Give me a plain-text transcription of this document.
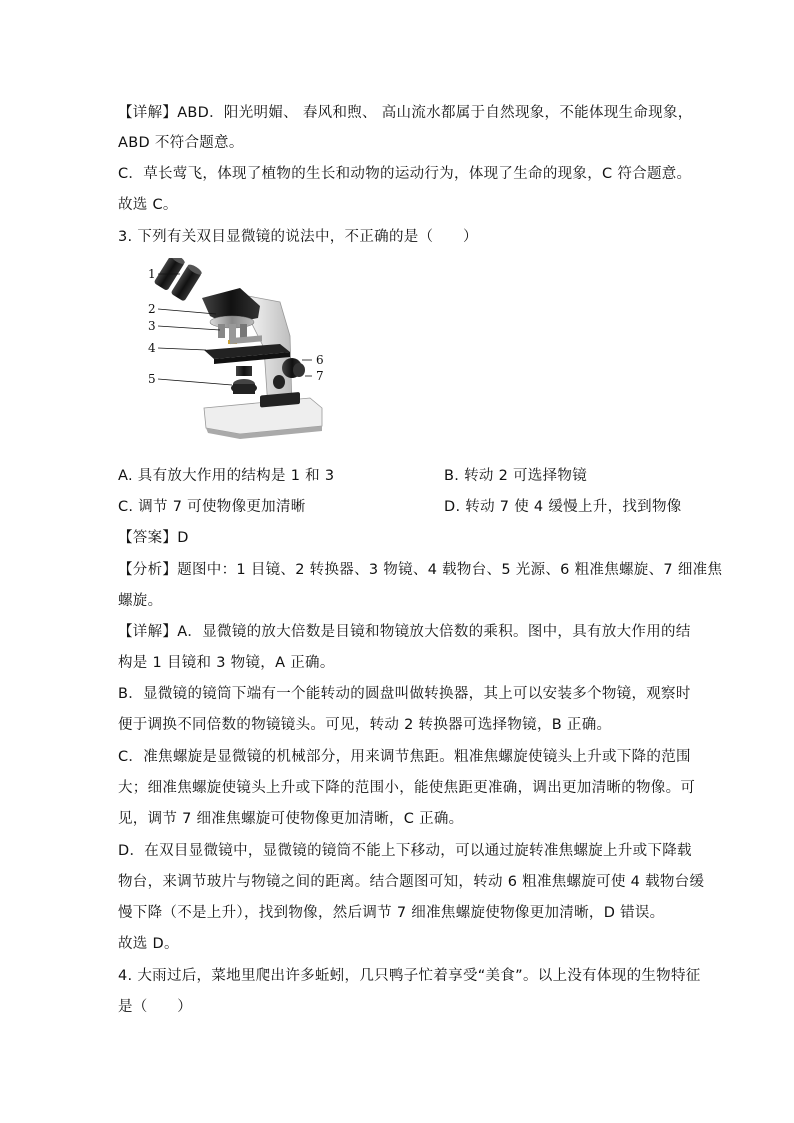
【详解】ABD．阳光明媚、 春风和煦、 高山流水都属于自然现象，不能体现生命现象，
ABD 不符合题意。
C．草长莺飞，体现了植物的生长和动物的运动行为，体现了生命的现象，C 符合题意。
故选 C。
3. 下列有关双目显微镜的说法中，不正确的是（　　）
1
2
3
4
5
6
7
A. 具有放大作用的结构是 1 和 3	B. 转动 2 可选择物镜
C. 调节 7 可使物像更加清晰	D. 转动 7 使 4 缓慢上升，找到物像
【答案】D
【分析】题图中：1 目镜、2 转换器、3 物镜、4 载物台、5 光源、6 粗准焦螺旋、7 细准焦
螺旋。
【详解】A．显微镜的放大倍数是目镜和物镜放大倍数的乘积。图中，具有放大作用的结
构是 1 目镜和 3 物镜，A 正确。
B．显微镜的镜筒下端有一个能转动的圆盘叫做转换器，其上可以安装多个物镜，观察时
便于调换不同倍数的物镜镜头。可见，转动 2 转换器可选择物镜，B 正确。
C．准焦螺旋是显微镜的机械部分，用来调节焦距。粗准焦螺旋使镜头上升或下降的范围
大；细准焦螺旋使镜头上升或下降的范围小，能使焦距更准确，调出更加清晰的物像。可
见，调节 7 细准焦螺旋可使物像更加清晰，C 正确。
D．在双目显微镜中，显微镜的镜筒不能上下移动，可以通过旋转准焦螺旋上升或下降载
物台，来调节玻片与物镜之间的距离。结合题图可知，转动 6 粗准焦螺旋可使 4 载物台缓
慢下降（不是上升），找到物像，然后调节 7 细准焦螺旋使物像更加清晰，D 错误。
故选 D。
4. 大雨过后，菜地里爬出许多蚯蚓，几只鸭子忙着享受“美食”。以上没有体现的生物特征
是（　　）
